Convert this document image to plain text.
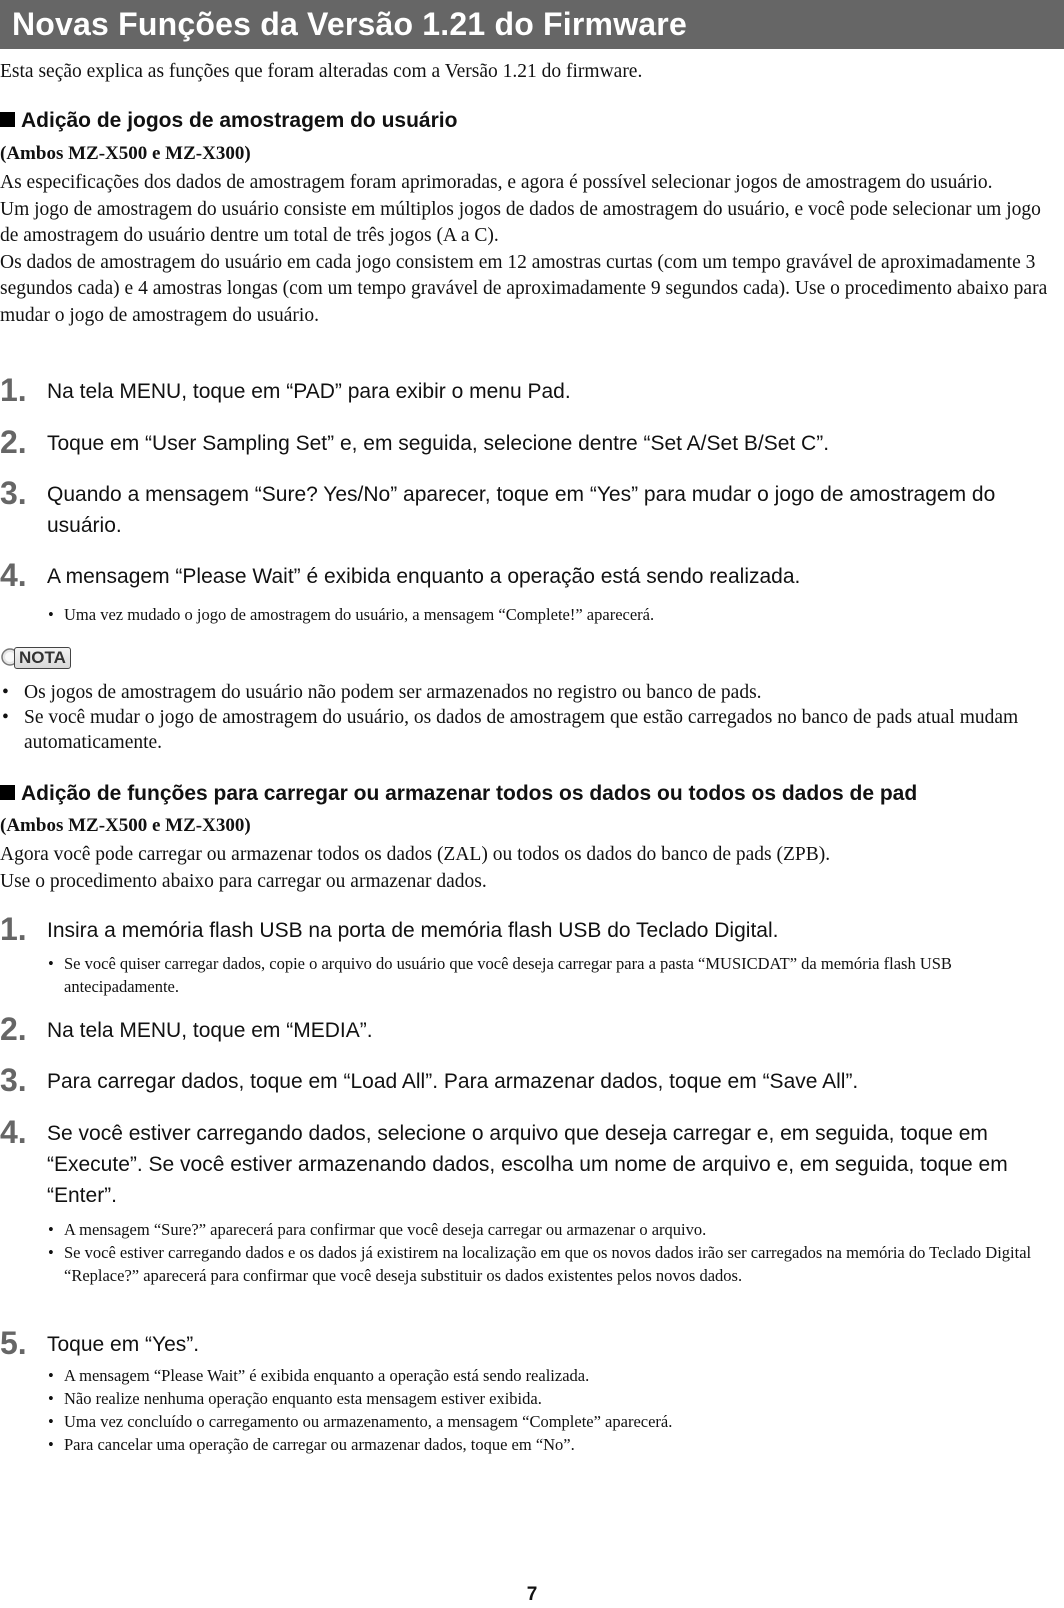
Novas Funções da Versão 1.21 do Firmware
Esta seção explica as funções que foram alteradas com a Versão 1.21 do firmware.
Adição de jogos de amostragem do usuário
(Ambos MZ-X500 e MZ-X300)

As especificações dos dados de amostragem foram aprimoradas, e agora é possível selecionar jogos de amostragem do usuário.

Um jogo de amostragem do usuário consiste em múltiplos jogos de dados de amostragem do usuário, e você pode selecionar um jogo de amostragem do usuário dentre um total de três jogos (A a C).

Os dados de amostragem do usuário em cada jogo consistem em 12 amostras curtas (com um tempo gravável de aproximadamente 3 segundos cada) e 4 amostras longas (com um tempo gravável de aproximadamente 9 segundos cada). Use o procedimento abaixo para mudar o jogo de amostragem do usuário.

1. Na tela MENU, toque em “PAD” para exibir o menu Pad.
2. Toque em “User Sampling Set” e, em seguida, selecione dentre “Set A/Set B/Set C”.
3. Quando a mensagem “Sure? Yes/No” aparecer, toque em “Yes” para mudar o jogo de amostragem do usuário.
4. A mensagem “Please Wait” é exibida enquanto a operação está sendo realizada.
• Uma vez mudado o jogo de amostragem do usuário, a mensagem “Complete!” aparecerá.
NOTA
• Os jogos de amostragem do usuário não podem ser armazenados no registro ou banco de pads.
• Se você mudar o jogo de amostragem do usuário, os dados de amostragem que estão carregados no banco de pads atual mudam automaticamente.
Adição de funções para carregar ou armazenar todos os dados ou todos os dados de pad
(Ambos MZ-X500 e MZ-X300)

Agora você pode carregar ou armazenar todos os dados (ZAL) ou todos os dados do banco de pads (ZPB).

Use o procedimento abaixo para carregar ou armazenar dados.

1. Insira a memória flash USB na porta de memória flash USB do Teclado Digital.
• Se você quiser carregar dados, copie o arquivo do usuário que você deseja carregar para a pasta “MUSICDAT” da memória flash USB antecipadamente.
2. Na tela MENU, toque em “MEDIA”.
3. Para carregar dados, toque em “Load All”. Para armazenar dados, toque em “Save All”.
4. Se você estiver carregando dados, selecione o arquivo que deseja carregar e, em seguida, toque em “Execute”. Se você estiver armazenando dados, escolha um nome de arquivo e, em seguida, toque em “Enter”.
• A mensagem “Sure?” aparecerá para confirmar que você deseja carregar ou armazenar o arquivo.
• Se você estiver carregando dados e os dados já existirem na localização em que os novos dados irão ser carregados na memória do Teclado Digital “Replace?” aparecerá para confirmar que você deseja substituir os dados existentes pelos novos dados.
5. Toque em “Yes”.
• A mensagem “Please Wait” é exibida enquanto a operação está sendo realizada.
• Não realize nenhuma operação enquanto esta mensagem estiver exibida.
• Uma vez concluído o carregamento ou armazenamento, a mensagem “Complete” aparecerá.
• Para cancelar uma operação de carregar ou armazenar dados, toque em “No”.
7
